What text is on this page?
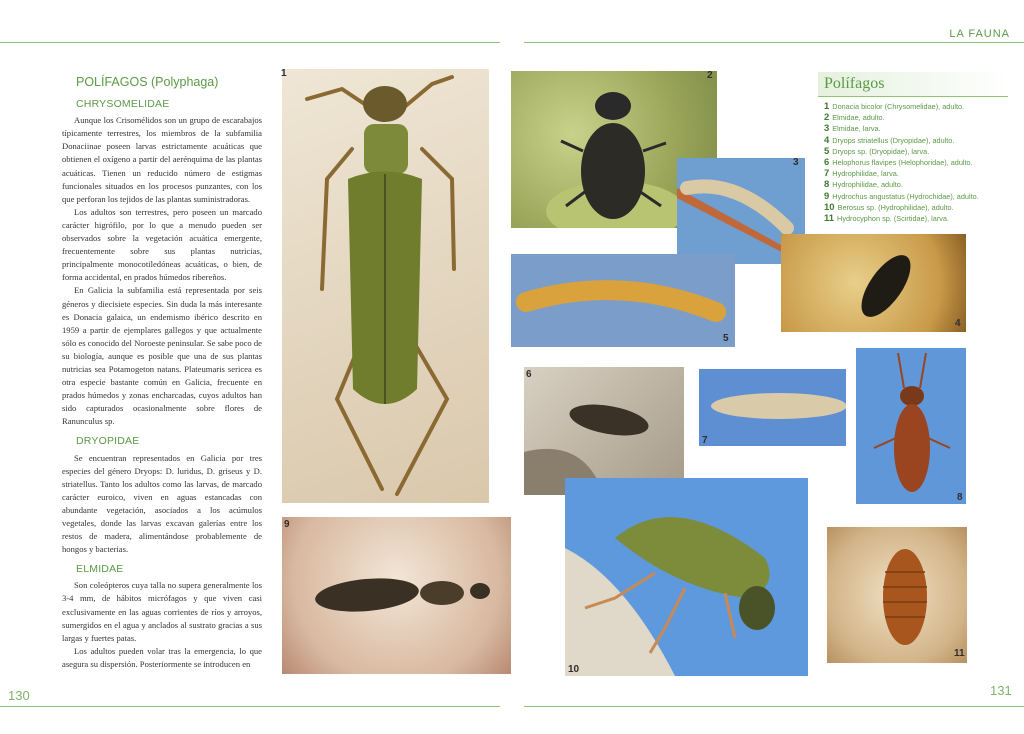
LA FAUNA
130	131
POLÍFAGOS (Polyphaga)
CHRYSOMELIDAE

Aunque los Crisomélidos son un grupo de escarabajos típicamente terrestres, los miembros de la subfamilia Donaciinae poseen larvas estrictamente acuáticas que obtienen el oxígeno a partir del aerénquima de las plantas acuáticas. Tienen un reducido número de estigmas funcionales situados en los procesos punzantes, con los que perforan los tejidos de las plantas suministradoras.

Los adultos son terrestres, pero poseen un marcado carácter higrófilo, por lo que a menudo pueden ser observados sobre la vegetación acuática emergente, frecuentemente sobre sus plantas nutricias, principalmente monocotiledóneas acuáticas, o bien, de forma accidental, en prados húmedos ribereños.

En Galicia la subfamilia está representada por seis géneros y diecisiete especies. Sin duda la más interesante es Donacia galaica, un endemismo ibérico descrito en 1959 a partir de ejemplares gallegos y que actualmente sólo es conocido del Noroeste peninsular. Se sabe poco de su biología, aunque es posible que una de sus plantas nutricias sea Potamogeton natans. Plateumaris sericea es otra especie bastante común en Galicia, frecuente en prados húmedos y zonas encharcadas, cuyos adultos han sido capturados ocasionalmente sobre flores de Ranunculus sp.

DRYOPIDAE

Se encuentran representados en Galicia por tres especies del género Dryops: D. luridus, D. griseus y D. striatellus. Tanto los adultos como las larvas, de marcado carácter euroico, viven en aguas estancadas con abundante vegetación, asociados a los acúmulos vegetales, donde las larvas excavan galerías entre los restos de madera, alimentándose probablemente de hongos y bacterias.

ELMIDAE

Son coleópteros cuya talla no supera generalmente los 3-4 mm, de hábitos micrófagos y que viven casi exclusivamente en las aguas corrientes de ríos y arroyos, sumergidos en el agua y anclados al sustrato gracias a sus largas y fuertes patas.

Los adultos pueden volar tras la emergencia, lo que asegura su dispersión. Posteriormente se introducen en

1	2
3
4
5
6
7
8
9
10
11
Polífagos
1 Donacia bicolor (Chrysomelidae), adulto.
2 Elmidae, adulto.
3 Elmidae, larva.
4 Dryops striatellus (Dryopidae), adulto.
5 Dryops sp. (Dryopidae), larva.
6 Helophorus flavipes (Helophoridae), adulto.
7 Hydrophilidae, larva.
8 Hydrophilidae, adulto.
9 Hydrochus angustatus (Hydrochidae), adulto.
10 Berosus sp. (Hydrophilidae), adulto.
11 Hydrocyphon sp. (Scirtidae), larva.
